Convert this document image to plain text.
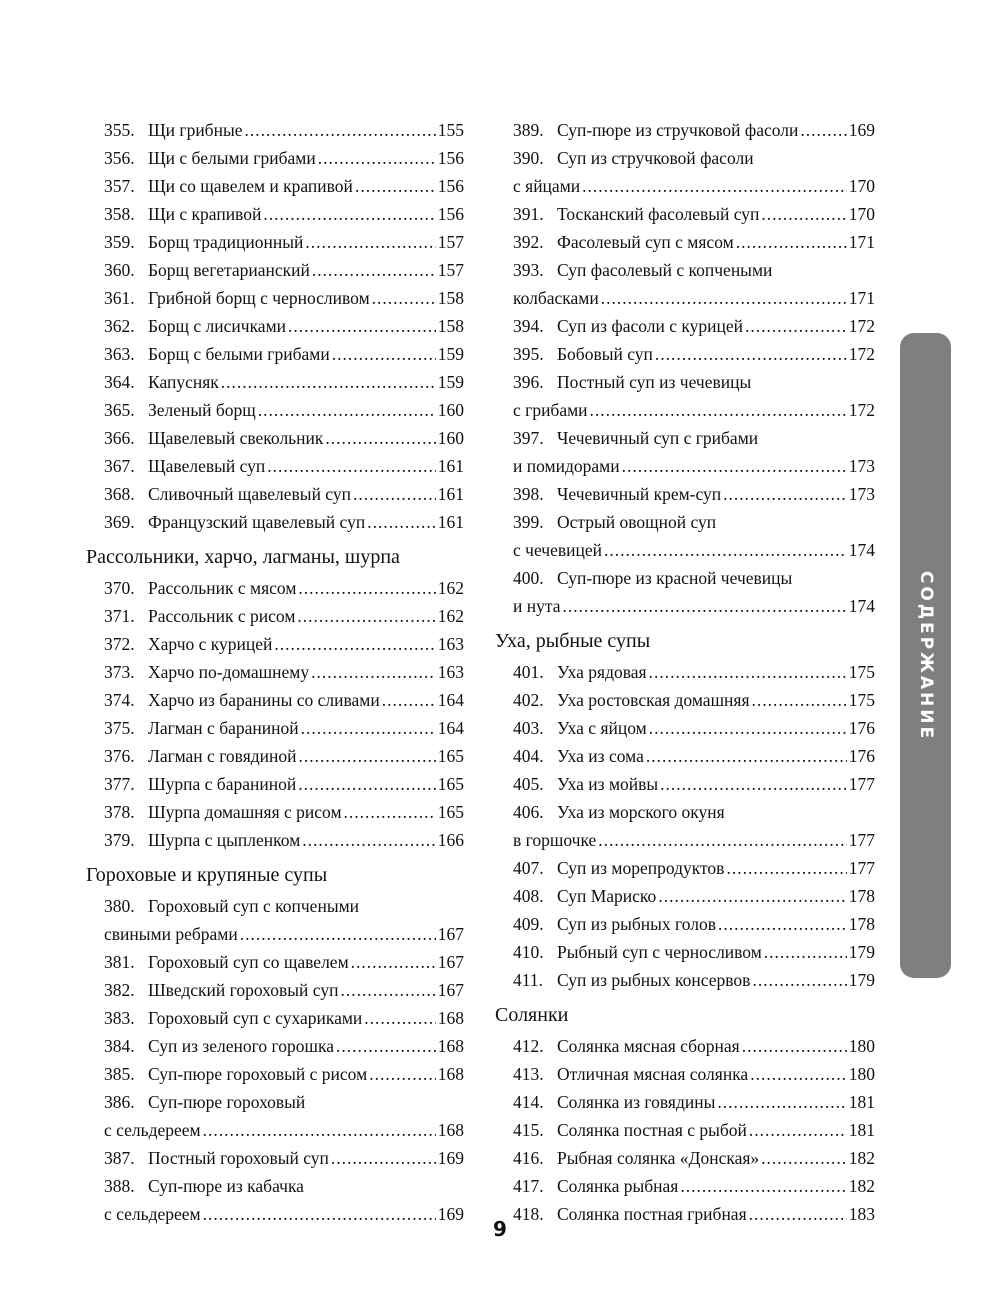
355. Щи грибные .....	155
356. Щи с белыми грибами .....	156
357. Щи со щавелем и крапивой .....	156
358. Щи с крапивой .....	156
359. Борщ традиционный .....	157
360. Борщ вегетарианский .....	157
361. Грибной борщ с черносливом .....	158
362. Борщ с лисичками .....	158
363. Борщ с белыми грибами .....	159
364. Капусняк .....	159
365. Зеленый борщ .....	160
366. Щавелевый свекольник .....	160
367. Щавелевый суп .....	161
368. Сливочный щавелевый суп .....	161
369. Французский щавелевый суп .....	161
Рассольники, харчо, лагманы, шурпа
370. Рассольник с мясом .....	162
371. Рассольник с рисом .....	162
372. Харчо с курицей .....	163
373. Харчо по-домашнему .....	163
374. Харчо из баранины со сливами .....	164
375. Лагман с бараниной .....	164
376. Лагман с говядиной .....	165
377. Шурпа с бараниной .....	165
378. Шурпа домашняя с рисом .....	165
379. Шурпа с цыпленком .....	166
Гороховые и крупяные супы
380. Гороховый суп с копчеными
свиными ребрами .....	167
381. Гороховый суп со щавелем .....	167
382. Шведский гороховый суп .....	167
383. Гороховый суп с сухариками .....	168
384. Суп из зеленого горошка .....	168
385. Суп-пюре гороховый с рисом .....	168
386. Суп-пюре гороховый
с сельдереем .....	168
387. Постный гороховый суп .....	169
388. Суп-пюре из кабачка
с сельдереем .....	169
389. Суп-пюре из стручковой фасоли .....	169
390. Суп из стручковой фасоли
с яйцами .....	170
391. Тосканский фасолевый суп .....	170
392. Фасолевый суп с мясом .....	171
393. Суп фасолевый с копчеными
колбасками .....	171
394. Суп из фасоли с курицей .....	172
395. Бобовый суп .....	172
396. Постный суп из чечевицы
с грибами .....	172
397. Чечевичный суп с грибами
и помидорами .....	173
398. Чечевичный крем-суп .....	173
399. Острый овощной суп
с чечевицей .....	174
400. Суп-пюре из красной чечевицы
и нута .....	174
Уха, рыбные супы
401. Уха рядовая .....	175
402. Уха ростовская домашняя .....	175
403. Уха с яйцом .....	176
404. Уха из сома .....	176
405. Уха из мойвы .....	177
406. Уха из морского окуня
в горшочке .....	177
407. Суп из морепродуктов .....	177
408. Суп Мариско .....	178
409. Суп из рыбных голов .....	178
410. Рыбный суп с черносливом .....	179
411. Суп из рыбных консервов .....	179
Солянки
412. Солянка мясная сборная .....	180
413. Отличная мясная солянка .....	180
414. Солянка из говядины .....	181
415. Солянка постная с рыбой .....	181
416. Рыбная солянка «Донская» .....	182
417. Солянка рыбная .....	182
418. Солянка постная грибная .....	183
СОДЕРЖАНИЕ
9
